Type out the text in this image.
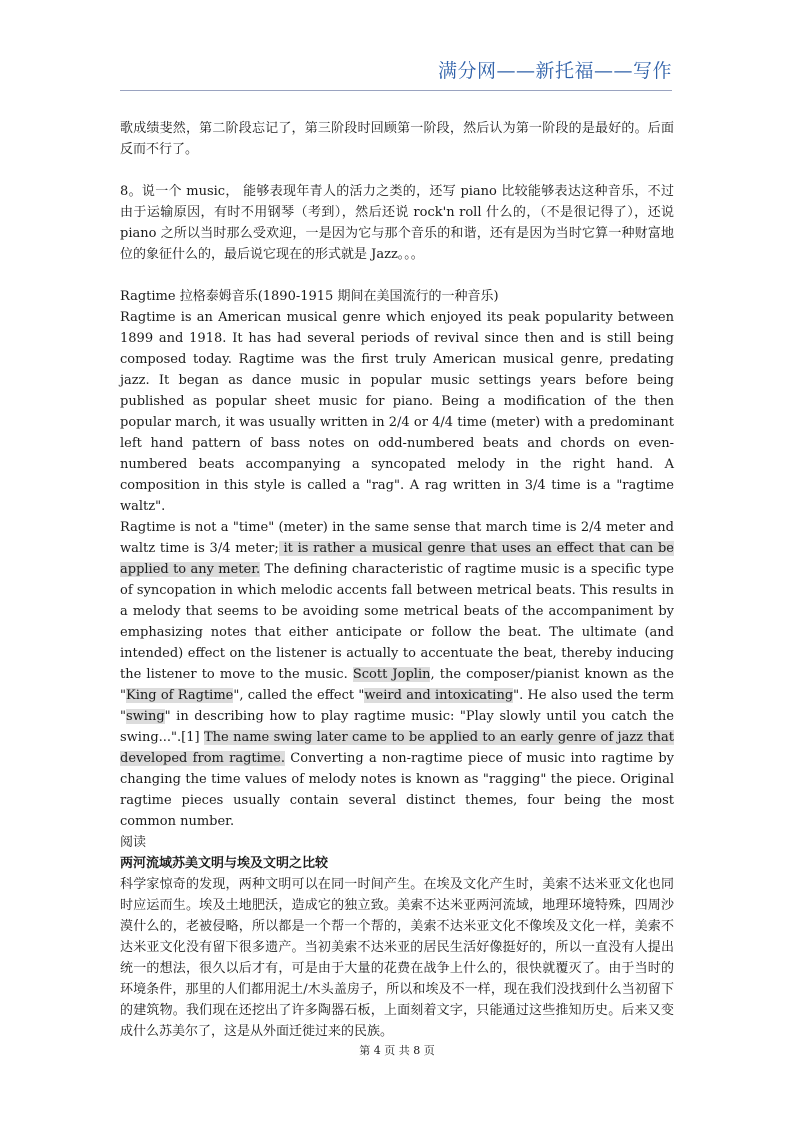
满分网——新托福——写作

歌成绩斐然，第二阶段忘记了，第三阶段时回顾第一阶段，然后认为第一阶段的是最好的。后面反而不行了。

8。说一个 music， 能够表现年青人的活力之类的，还写 piano 比较能够表达这种音乐，不过由于运输原因，有时不用钢琴（考到），然后还说 rock'n roll 什么的，（不是很记得了），还说 piano 之所以当时那么受欢迎，一是因为它与那个音乐的和谐，还有是因为当时它算一种财富地位的象征什么的，最后说它现在的形式就是 Jazz。。。

Ragtime 拉格泰姆音乐(1890-1915 期间在美国流行的一种音乐)

Ragtime is an American musical genre which enjoyed its peak popularity between 1899 and 1918. It has had several periods of revival since then and is still being composed today. Ragtime was the first truly American musical genre, predating jazz. It began as dance music in popular music settings years before being published as popular sheet music for piano. Being a modification of the then popular march, it was usually written in 2/4 or 4/4 time (meter) with a predominant left hand pattern of bass notes on odd-numbered beats and chords on even-numbered beats accompanying a syncopated melody in the right hand. A composition in this style is called a "rag". A rag written in 3/4 time is a "ragtime waltz".

Ragtime is not a "time" (meter) in the same sense that march time is 2/4 meter and waltz time is 3/4 meter; it is rather a musical genre that uses an effect that can be applied to any meter. The defining characteristic of ragtime music is a specific type of syncopation in which melodic accents fall between metrical beats. This results in a melody that seems to be avoiding some metrical beats of the accompaniment by emphasizing notes that either anticipate or follow the beat. The ultimate (and intended) effect on the listener is actually to accentuate the beat, thereby inducing the listener to move to the music. Scott Joplin, the composer/pianist known as the "King of Ragtime", called the effect "weird and intoxicating". He also used the term "swing" in describing how to play ragtime music: "Play slowly until you catch the swing...".[1] The name swing later came to be applied to an early genre of jazz that developed from ragtime. Converting a non-ragtime piece of music into ragtime by changing the time values of melody notes is known as "ragging" the piece. Original ragtime pieces usually contain several distinct themes, four being the most common number.

阅读

两河流域苏美文明与埃及文明之比较

科学家惊奇的发现，两种文明可以在同一时间产生。在埃及文化产生时，美索不达米亚文化也同时应运而生。埃及土地肥沃，造成它的独立致。美索不达米亚两河流域，地理环境特殊，四周沙漠什么的，老被侵略，所以都是一个帮一个帮的，美索不达米亚文化不像埃及文化一样，美索不达米亚文化没有留下很多遗产。当初美索不达米亚的居民生活好像挺好的，所以一直没有人提出统一的想法，很久以后才有，可是由于大量的花费在战争上什么的，很快就覆灭了。由于当时的环境条件，那里的人们都用泥土/木头盖房子，所以和埃及不一样，现在我们没找到什么当初留下的建筑物。我们现在还挖出了许多陶器石板，上面刻着文字，只能通过这些推知历史。后来又变成什么苏美尔了，这是从外面迁徙过来的民族。

第 4 页 共 8 页
